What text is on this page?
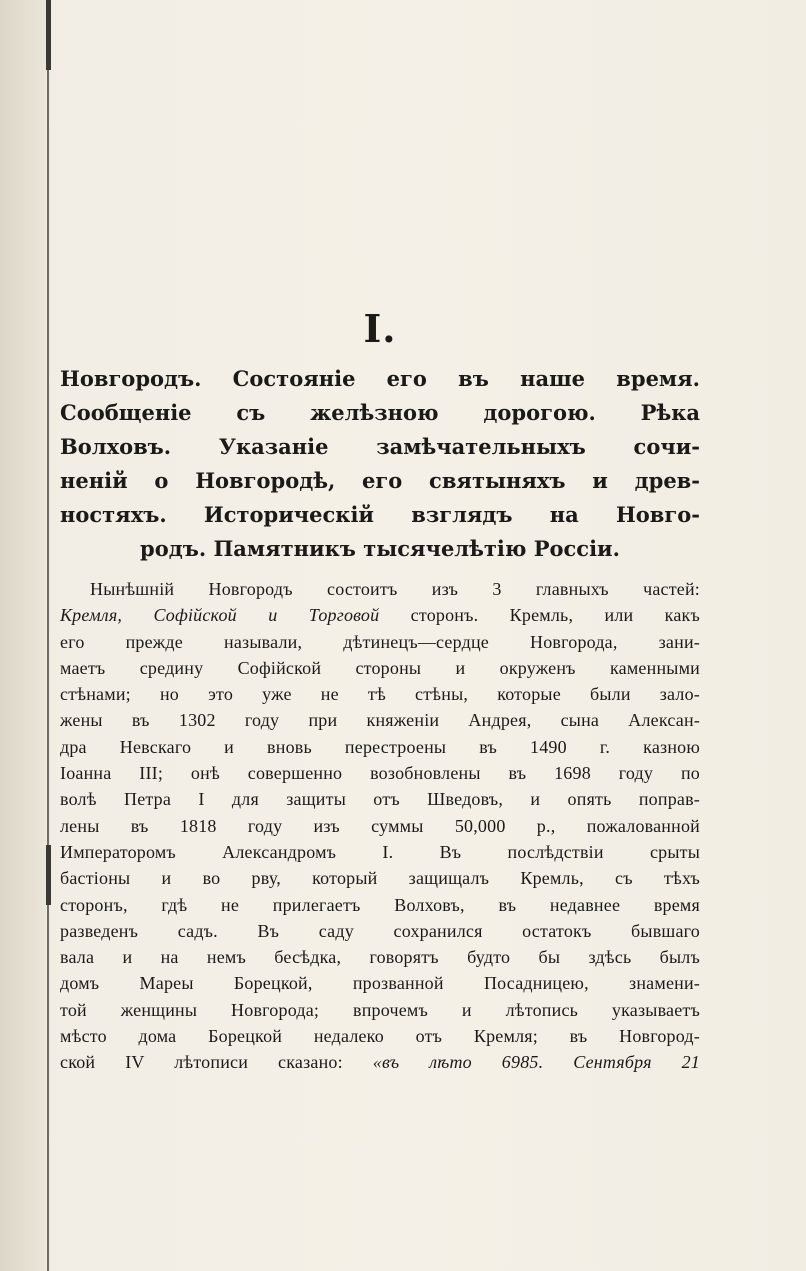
I.
Новгородъ. Состояніе его въ наше время.
Сообщеніе съ желѣзною дорогою. Рѣка
Волховъ. Указаніе замѣчательныхъ сочи-
неній о Новгородѣ, его святыняхъ и древ-
ностяхъ. Историческій взглядъ на Новго-
родъ. Памятникъ тысячелѣтію Россіи.
Нынѣшній Новгородъ состоитъ изъ 3 главныхъ частей:
Кремля, Софійской и Торговой сторонъ. Кремль, или какъ
его прежде называли, дѣтинецъ—сердце Новгорода, зани-
маетъ средину Софійской стороны и окруженъ каменными
стѣнами; но это уже не тѣ стѣны, которые были зало-
жены въ 1302 году при княженіи Андрея, сына Алексан-
дра Невскаго и вновь перестроены въ 1490 г. казною
Іоанна III; онѣ совершенно возобновлены въ 1698 году по
волѣ Петра I для защиты отъ Шведовъ, и опять поправ-
лены въ 1818 году изъ суммы 50,000 р., пожалованной
Императоромъ Александромъ I. Въ послѣдствіи срыты
бастіоны и во рву, который защищалъ Кремль, съ тѣхъ
сторонъ, гдѣ не прилегаетъ Волховъ, въ недавнее время
разведенъ садъ. Въ саду сохранился остатокъ бывшаго
вала и на немъ бесѣдка, говорятъ будто бы здѣсь былъ
домъ Мареы Борецкой, прозванной Посадницею, знамени-
той женщины Новгорода; впрочемъ и лѣтопись указываетъ
мѣсто дома Борецкой недалеко отъ Кремля; въ Новгород-
ской IV лѣтописи сказано: «въ лѣто 6985. Сентября 21
